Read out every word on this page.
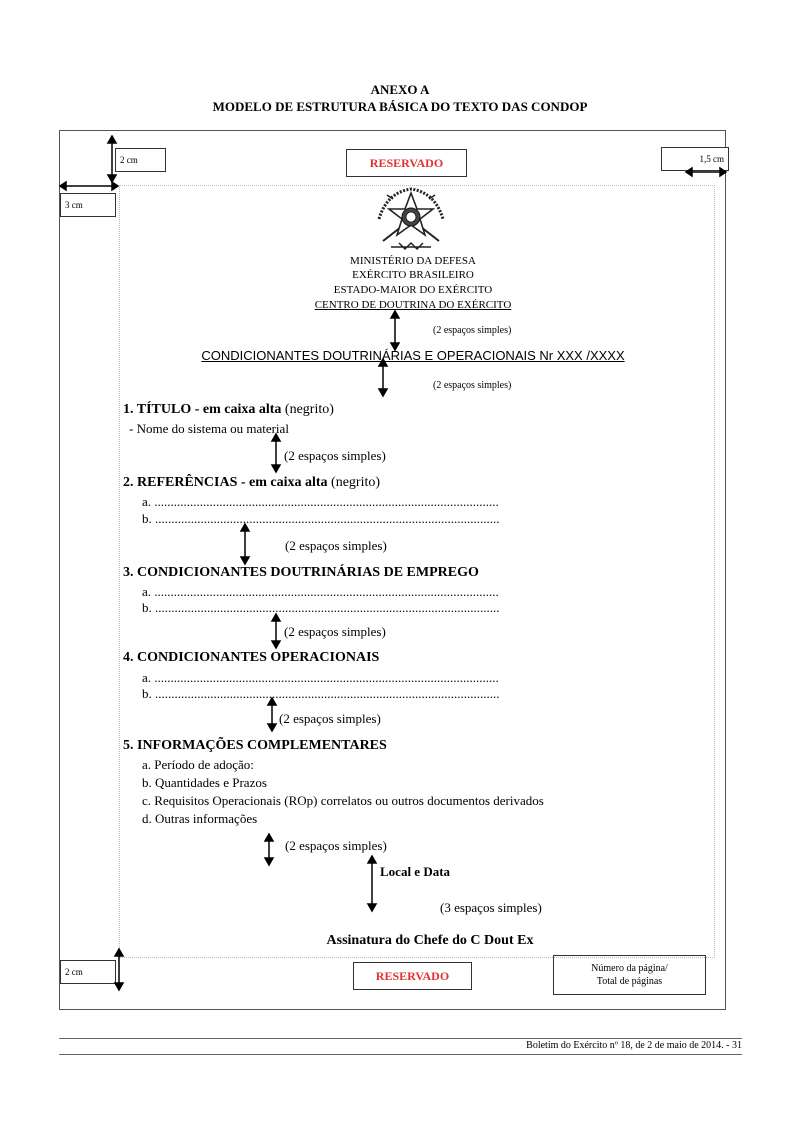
ANEXO A
MODELO DE ESTRUTURA BÁSICA DO TEXTO DAS CONDOP
2 cm
3 cm
1,5 cm
2 cm
RESERVADO
RESERVADO
MINISTÉRIO DA DEFESA
EXÉRCITO BRASILEIRO
ESTADO-MAIOR DO EXÉRCITO
CENTRO DE DOUTRINA DO EXÉRCITO
(2 espaços simples)
CONDICIONANTES DOUTRINÁRIAS E OPERACIONAIS Nr XXX /XXXX
(2 espaços simples)
1. TÍTULO - em caixa alta (negrito)
- Nome do sistema ou material
(2 espaços simples)
2. REFERÊNCIAS - em caixa alta (negrito)
a. ..........................................................................................................
b. ..........................................................................................................
(2 espaços simples)
3. CONDICIONANTES DOUTRINÁRIAS DE EMPREGO
a. ..........................................................................................................
b. ..........................................................................................................
(2 espaços simples)
4. CONDICIONANTES OPERACIONAIS
a. ..........................................................................................................
b. ..........................................................................................................
(2 espaços simples)
5. INFORMAÇÕES COMPLEMENTARES
a. Período de adoção:
b. Quantidades e Prazos
c. Requisitos Operacionais (ROp) correlatos ou outros documentos derivados
d. Outras informações
(2 espaços simples)
Local e Data
(3 espaços simples)
Assinatura do Chefe do C Dout Ex
Número da página/
Total de páginas
Boletim do Exército nº 18, de 2 de maio de 2014. - 31
